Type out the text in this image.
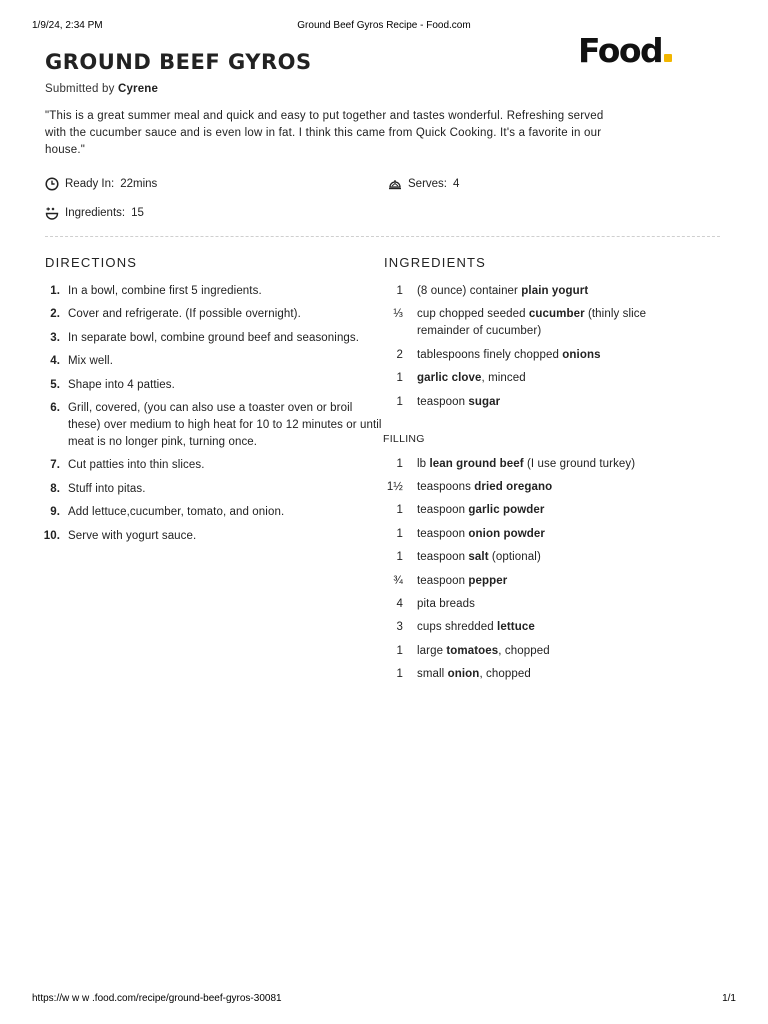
1/9/24, 2:34 PM	Ground Beef Gyros Recipe - Food.com
Food
GROUND BEEF GYROS
Submitted by Cyrene
"This is a great summer meal and quick and easy to put together and tastes wonderful. Refreshing served with the cucumber sauce and is even low in fat. I think this came from Quick Cooking. It's a favorite in our house."
Ready In: 22mins	Serves: 4
Ingredients: 15
DIRECTIONS	INGREDIENTS
1. In a bowl, combine first 5 ingredients.
2. Cover and refrigerate. (If possible overnight).
3. In separate bowl, combine ground beef and seasonings.
4. Mix well.
5. Shape into 4 patties.
6. Grill, covered, (you can also use a toaster oven or broil these) over medium to high heat for 10 to 12 minutes or until meat is no longer pink, turning once.
7. Cut patties into thin slices.
8. Stuff into pitas.
9. Add lettuce,cucumber, tomato, and onion.
10. Serve with yogurt sauce.
1 (8 ounce) container plain yogurt
⅓ cup chopped seeded cucumber (thinly slice remainder of cucumber)
2 tablespoons finely chopped onions
1 garlic clove, minced
1 teaspoon sugar
FILLING
1 lb lean ground beef (I use ground turkey)
1½ teaspoons dried oregano
1 teaspoon garlic powder
1 teaspoon onion powder
1 teaspoon salt (optional)
¾ teaspoon pepper
4 pita breads
3 cups shredded lettuce
1 large tomatoes, chopped
1 small onion, chopped
https://w w w .food.com/recipe/ground-beef-gyros-30081	1/1
